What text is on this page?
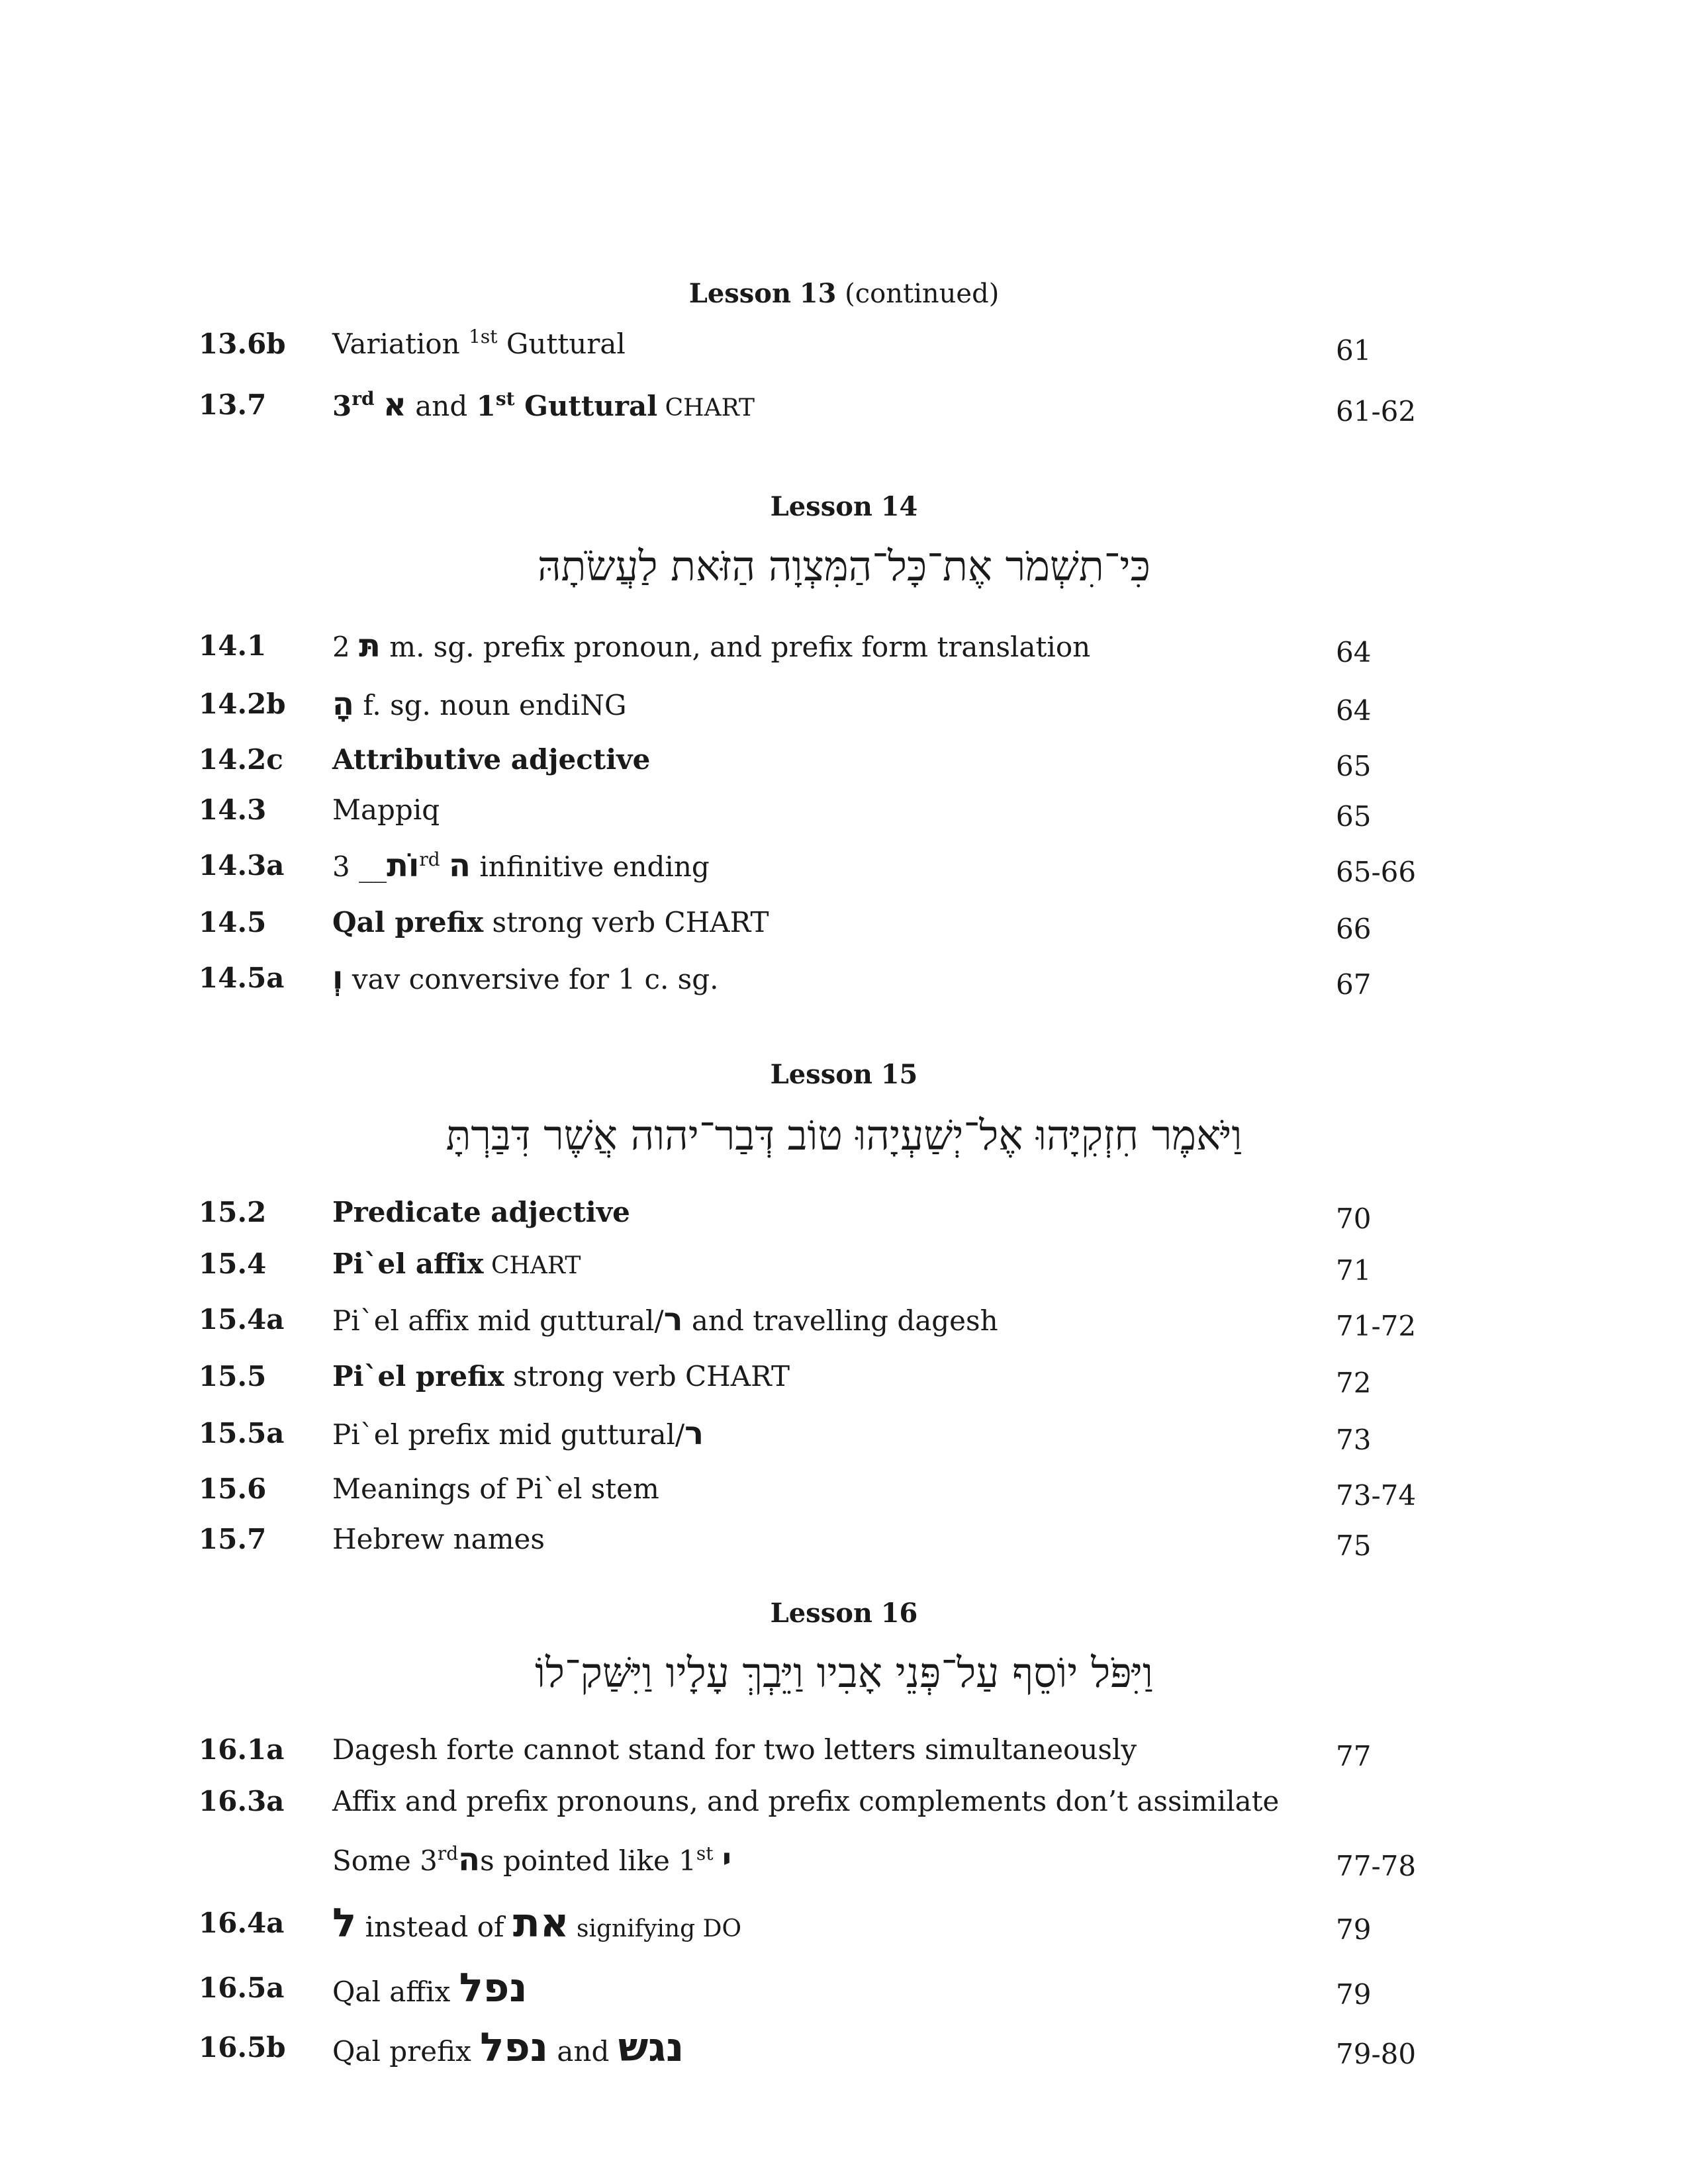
Lesson 13 (continued)
13.6b Variation $^{1st}$ Guttural	61
13.7 3rd א and 1st Guttural CHART	61-62
Lesson 14
כִּי־תִשְׁמֹר אֶת־כָּל־הַמִּצְוָה הַזֹּאת לַעֲשֹׂתָהּ
14.1	תּ 2 m. sg. prefix pronoun, and prefix form translation	64
14.2b ָה f. sg. noun endiNG	64
14.2c Attributive adjective	65
14.3 Mappiq	65
14.3a	וֹת__ 3 $^{rd}$ ה infinitive ending	65-66
14.5 Qal prefix strong verb CHART	66
14.5a וְ vav conversive for 1 c. sg.	67
Lesson 15
וַיֹּאמֶר חִזְקִיָּהוּ אֶל־יְשַׁעְיָהוּ טוֹב דְּבַר־יהוה אֲשֶׁר דִּבַּרְתָּ
15.2 Predicate adjective	70
15.4 Pi`el affix CHART	71
15.4a Pi`el affix mid guttural/ר and travelling dagesh	71-72
15.5 Pi`el prefix strong verb CHART	72
15.5a Pi`el prefix mid guttural/ר	73
15.6 Meanings of Pi`el stem	73-74
15.7 Hebrew names	75
Lesson 16
וַיִּפֹּל יוֹסֵף עַל־פְּנֵי אָבִיו וַיֵּבְךְּ עָלָיו וַיִּשַּׁק־לוֹ
16.1a Dagesh forte cannot stand for two letters simultaneously	77
16.3a Affix and prefix pronouns, and prefix complements don’t assimilate
Some 3rdהs pointed like 1st י	77-78
16.4a ל instead of את signifying DO	79
16.5a Qal affix נפל	79
16.5b Qal prefix נפל and נגש	79-80
